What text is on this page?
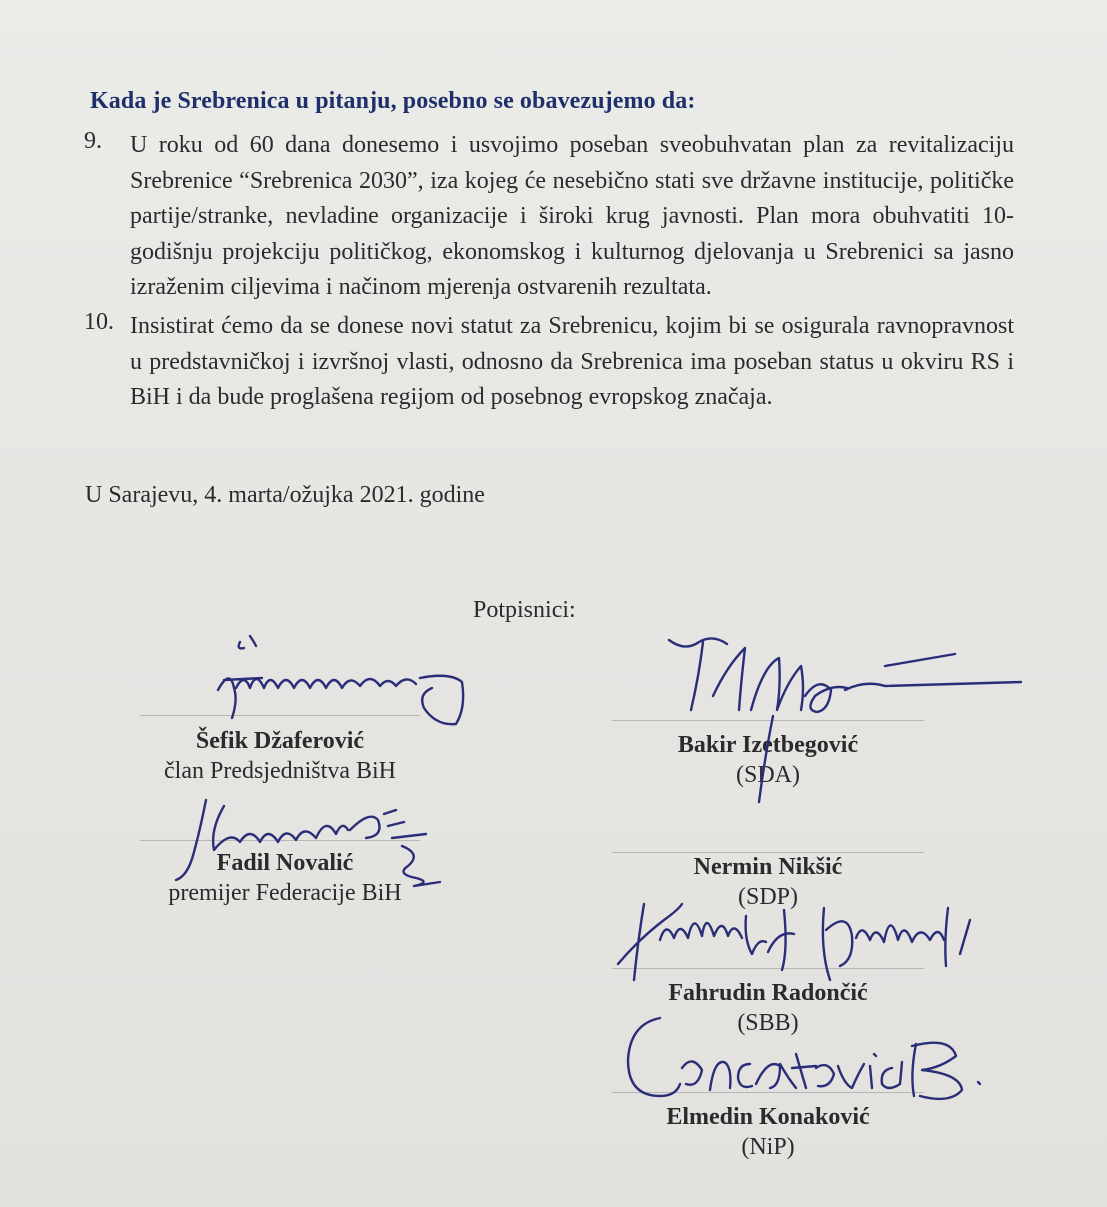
Kada je Srebrenica u pitanju, posebno se obavezujemo da:
9. U roku od 60 dana donesemo i usvojimo poseban sveobuhvatan plan za revitalizaciju Srebrenice “Srebrenica 2030”, iza kojeg će nesebično stati sve državne institucije, političke partije/stranke, nevladine organizacije i široki krug javnosti. Plan mora obuhvatiti 10-godišnju projekciju političkog, ekonomskog i kulturnog djelovanja u Srebrenici sa jasno izraženim ciljevima i načinom mjerenja ostvarenih rezultata.
10. Insistirat ćemo da se donese novi statut za Srebrenicu, kojim bi se osigurala ravnopravnost u predstavničkoj i izvršnoj vlasti, odnosno da Srebrenica ima poseban status u okviru RS i BiH i da bude proglašena regijom od posebnog evropskog značaja.
U Sarajevu, 4. marta/ožujka 2021. godine
Potpisnici:
Šefik Džaferović
član Predsjedništva BiH
Bakir Izetbegović
(SDA)
Fadil Novalić
premijer Federacije BiH
Nermin Nikšić
(SDP)
Fahrudin Radončić
(SBB)
Elmedin Konaković
(NiP)
